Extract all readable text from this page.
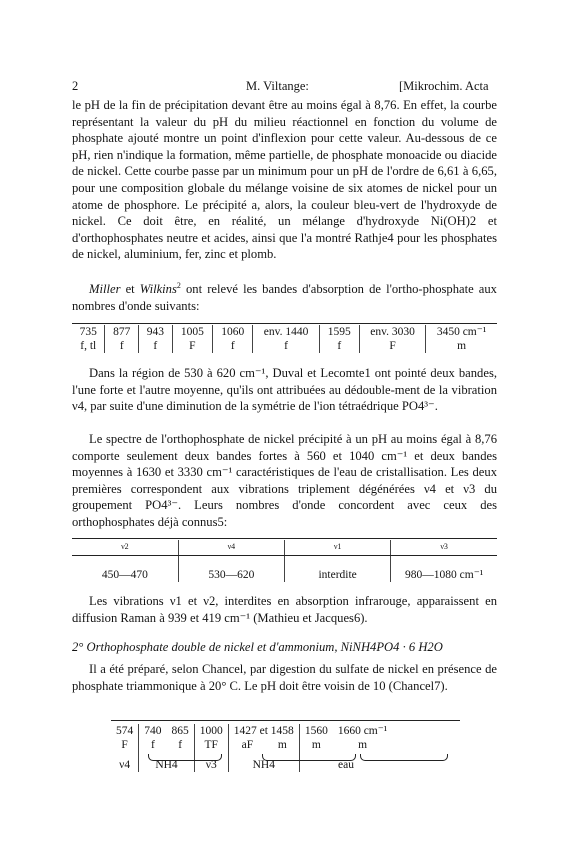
2	M. Viltange:	[Mikrochim. Acta

le pH de la fin de précipitation devant être au moins égal à 8,76. En effet, la courbe représentant la valeur du pH du milieu réactionnel en fonction du volume de phosphate ajouté montre un point d'inflexion pour cette valeur. Au-dessous de ce pH, rien n'indique la formation, même partielle, de phosphate monoacide ou diacide de nickel. Cette courbe passe par un minimum pour un pH de l'ordre de 6,61 à 6,65, pour une composition globale du mélange voisine de six atomes de nickel pour un atome de phosphore. Le précipité a, alors, la couleur bleu-vert de l'hydroxyde de nickel. Ce doit être, en réalité, un mélange d'hydroxyde Ni(OH)2 et d'orthophosphates neutre et acides, ainsi que l'a montré Rathje4 pour les phosphates de nickel, aluminium, fer, zinc et plomb.

Miller et Wilkins$^2$ ont relevé les bandes d'absorption de l'ortho-phosphate aux nombres d'onde suivants:

735	877	943	1005	1060	env. 1440	1595	env. 3030	3450 cm⁻¹
f, tl	f	f	F	f	f	f	F	m

Dans la région de 530 à 620 cm⁻¹, Duval et Lecomte1 ont pointé deux bandes, l'une forte et l'autre moyenne, qu'ils ont attribuées au dédouble-ment de la vibration ν4, par suite d'une diminution de la symétrie de l'ion tétraédrique PO4³⁻.

Le spectre de l'orthophosphate de nickel précipité à un pH au moins égal à 8,76 comporte seulement deux bandes fortes à 560 et 1040 cm⁻¹ et deux bandes moyennes à 1630 et 3330 cm⁻¹ caractéristiques de l'eau de cristallisation. Les deux premières correspondent aux vibrations triplement dégénérées ν4 et ν3 du groupement PO4³⁻. Leurs nombres d'onde concordent avec ceux des orthophosphates déjà connus5:

ν2	ν4	ν1	ν3
450—470	530—620	interdite	980—1080 cm⁻¹

Les vibrations ν1 et ν2, interdites en absorption infrarouge, apparaissent en diffusion Raman à 939 et 419 cm⁻¹ (Mathieu et Jacques6).

2° Orthophosphate double de nickel et d'ammonium, NiNH4PO4 · 6 H2O

Il a été préparé, selon Chancel, par digestion du sulfate de nickel en présence de phosphate triammonique à 20° C. Le pH doit être voisin de 10 (Chancel7).

574	740	865	1000	1427 et 1458		1560	1660 cm⁻¹
F	f	f	TF	aF	m	m	m
ν4	NH4		ν3	NH4		eau	
